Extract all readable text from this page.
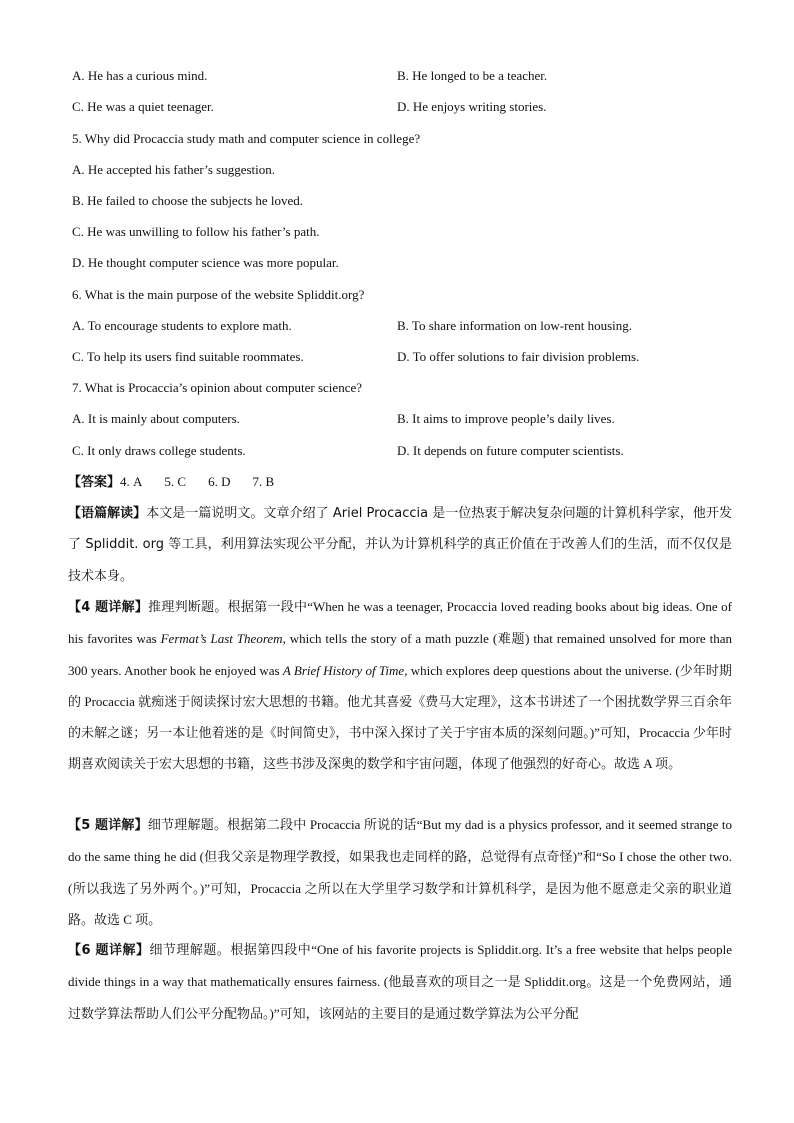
A. He has a curious mind.	B. He longed to be a teacher.
C. He was a quiet teenager.	D. He enjoys writing stories.
5. Why did Procaccia study math and computer science in college?
A. He accepted his father’s suggestion.
B. He failed to choose the subjects he loved.
C. He was unwilling to follow his father’s path.
D. He thought computer science was more popular.
6. What is the main purpose of the website Spliddit.org?
A. To encourage students to explore math.	B. To share information on low-rent housing.
C. To help its users find suitable roommates.	D. To offer solutions to fair division problems.
7. What is Procaccia’s opinion about computer science?
A. It is mainly about computers.	B. It aims to improve people’s daily lives.
C. It only draws college students.	D. It depends on future computer scientists.
【答案】4. A 5. C 6. D 7. B
【语篇解读】本文是一篇说明文。文章介绍了 Ariel Procaccia 是一位热衷于解决复杂问题的计算机科学家，他开发了 Spliddit. org 等工具，利用算法实现公平分配，并认为计算机科学的真正价值在于改善人们的生活，而不仅仅是技术本身。
【4 题详解】推理判断题。根据第一段中“When he was a teenager, Procaccia loved reading books about big ideas. One of his favorites was Fermat’s Last Theorem, which tells the story of a math puzzle (难题) that remained unsolved for more than 300 years. Another book he enjoyed was A Brief History of Time, which explores deep questions about the universe. (少年时期的 Procaccia 就痴迷于阅读探讨宏大思想的书籍。他尤其喜爱《费马大定理》，这本书讲述了一个困扰数学界三百余年的未解之谜；另一本让他着迷的是《时间简史》，书中深入探讨了关于宇宙本质的深刻问题。)”可知，Procaccia 少年时期喜欢阅读关于宏大思想的书籍，这些书涉及深奥的数学和宇宙问题，体现了他强烈的好奇心。故选 A 项。
【5 题详解】细节理解题。根据第二段中 Procaccia 所说的话“But my dad is a physics professor, and it seemed strange to do the same thing he did (但我父亲是物理学教授，如果我也走同样的路，总觉得有点奇怪)”和“So I chose the other two. (所以我选了另外两个。)”可知，Procaccia 之所以在大学里学习数学和计算机科学，是因为他不愿意走父亲的职业道路。故选 C 项。
【6 题详解】细节理解题。根据第四段中“One of his favorite projects is Spliddit.org. It’s a free website that helps people divide things in a way that mathematically ensures fairness. (他最喜欢的项目之一是 Spliddit.org。这是一个免费网站，通过数学算法帮助人们公平分配物品。)”可知，该网站的主要目的是通过数学算法为公平分配
